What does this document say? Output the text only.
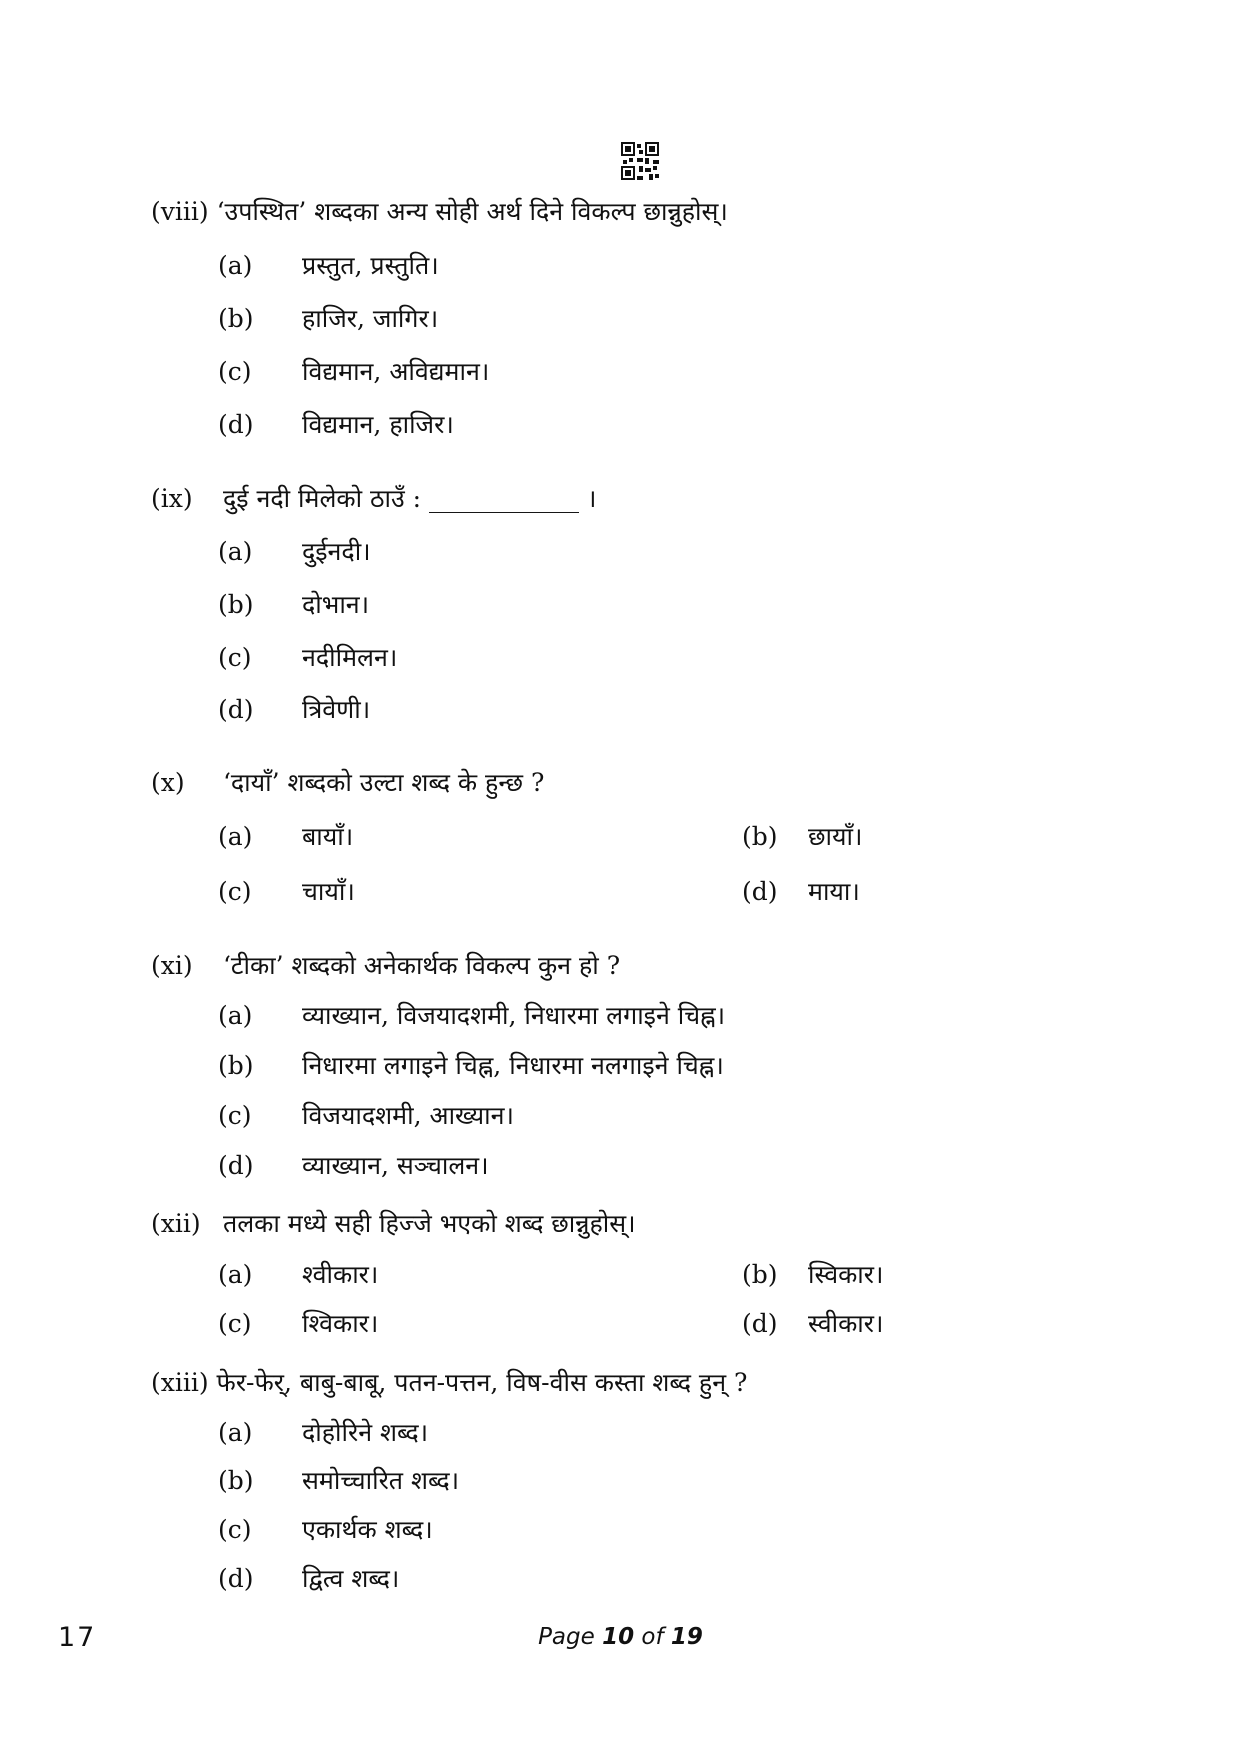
(viii) ‘उपस्थित’ शब्दका अन्य सोही अर्थ दिने विकल्प छान्नुहोस्।
(a) प्रस्तुत, प्रस्तुति।
(b) हाजिर, जागिर।
(c) विद्यमान, अविद्यमान।
(d) विद्यमान, हाजिर।
(ix) दुई नदी मिलेको ठाउँ : ____________ ।
(a) दुईनदी।
(b) दोभान।
(c) नदीमिलन।
(d) त्रिवेणी।
(x) ‘दायाँ’ शब्दको उल्टा शब्द के हुन्छ ?
(a) बायाँ।	(b) छायाँ।
(c) चायाँ।	(d) माया।
(xi) ‘टीका’ शब्दको अनेकार्थक विकल्प कुन हो ?
(a) व्याख्यान, विजयादशमी, निधारमा लगाइने चिह्न।
(b) निधारमा लगाइने चिह्न, निधारमा नलगाइने चिह्न।
(c) विजयादशमी, आख्यान।
(d) व्याख्यान, सञ्चालन।
(xii) तलका मध्ये सही हिज्जे भएको शब्द छान्नुहोस्।
(a) श्वीकार।	(b) स्विकार।
(c) श्विकार।	(d) स्वीकार।
(xiii) फेर-फेर्, बाबु-बाबू, पतन-पत्तन, विष-वीस कस्ता शब्द हुन् ?
(a) दोहोरिने शब्द।
(b) समोच्चारित शब्द।
(c) एकार्थक शब्द।
(d) द्वित्व शब्द।
17	Page 10 of 19
